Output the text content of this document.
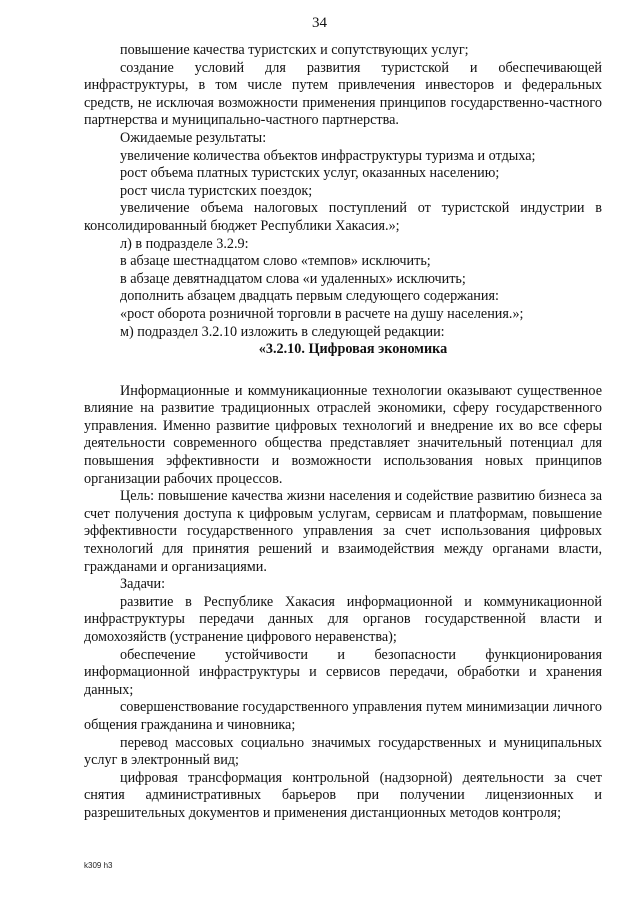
34

повышение качества туристских и сопутствующих услуг;

создание условий для развития туристской и обеспечивающей инфраструктуры, в том числе путем привлечения инвесторов и федеральных средств, не исключая возможности применения принципов государственно-частного партнерства и муниципально-частного партнерства.

Ожидаемые результаты:

увеличение количества объектов инфраструктуры туризма и отдыха;

рост объема платных туристских услуг, оказанных населению;

рост числа туристских поездок;

увеличение объема налоговых поступлений от туристской индустрии в консолидированный бюджет Республики Хакасия.»;

л) в подразделе 3.2.9:

в абзаце шестнадцатом слово «темпов» исключить;

в абзаце девятнадцатом слова «и удаленных» исключить;

дополнить абзацем двадцать первым следующего содержания:

«рост оборота розничной торговли в расчете на душу населения.»;

м) подраздел 3.2.10 изложить в следующей редакции:

«3.2.10. Цифровая экономика

Информационные и коммуникационные технологии оказывают существенное влияние на развитие традиционных отраслей экономики, сферу государственного управления. Именно развитие цифровых технологий и внедрение их во все сферы деятельности современного общества представляет значительный потенциал для повышения эффективности и возможности использования новых принципов организации рабочих процессов.

Цель: повышение качества жизни населения и содействие развитию бизнеса за счет получения доступа к цифровым услугам, сервисам и платформам, повышение эффективности государственного управления за счет использования цифровых технологий для принятия решений и взаимодействия между органами власти, гражданами и организациями.

Задачи:

развитие в Республике Хакасия информационной и коммуникационной инфраструктуры передачи данных для органов государственной власти и домохозяйств (устранение цифрового неравенства);

обеспечение устойчивости и безопасности функционирования информационной инфраструктуры и сервисов передачи, обработки и хранения данных;

совершенствование государственного управления путем минимизации личного общения гражданина и чиновника;

перевод массовых социально значимых государственных и муниципальных услуг в электронный вид;

цифровая трансформация контрольной (надзорной) деятельности за счет снятия административных барьеров при получении лицензионных и разрешительных документов и применения дистанционных методов контроля;

k309 h3
